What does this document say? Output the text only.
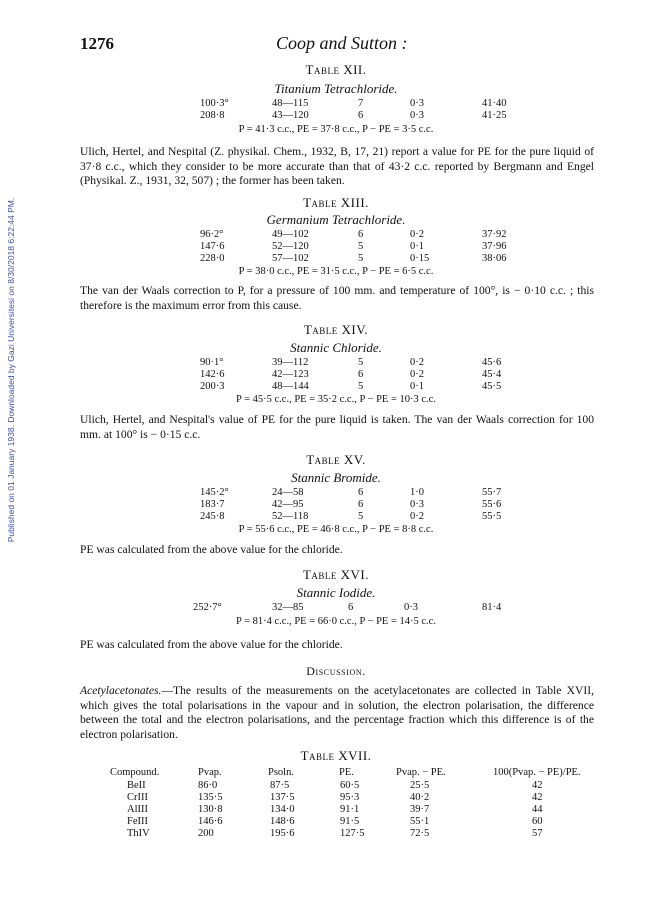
Published on 01 January 1938. Downloaded by Gazi Universitesi on 8/30/2018 6:22:44 PM.
1276	Coop and Sutton :
Table XII.
Titanium Tetrachloride.
100·3°	48—115	7	0·3	41·40
208·8	43—120	6	0·3	41·25
P = 41·3 c.c., PE = 37·8 c.c., P − PE = 3·5 c.c.
Ulich, Hertel, and Nespital (Z. physikal. Chem., 1932, B, 17, 21) report a value for PE for the pure liquid of 37·8 c.c., which they consider to be more accurate than that of 43·2 c.c. reported by Bergmann and Engel (Physikal. Z., 1931, 32, 507) ; the former has been taken.
Table XIII.
Germanium Tetrachloride.
96·2°	49—102	6	0·2	37·92
147·6	52—120	5	0·1	37·96
228·0	57—102	5	0·15	38·06
P = 38·0 c.c., PE = 31·5 c.c., P − PE = 6·5 c.c.
The van der Waals correction to P, for a pressure of 100 mm. and temperature of 100°, is − 0·10 c.c. ; this therefore is the maximum error from this cause.
Table XIV.
Stannic Chloride.
90·1°	39—112	5	0·2	45·6
142·6	42—123	6	0·2	45·4
200·3	48—144	5	0·1	45·5
P = 45·5 c.c., PE = 35·2 c.c., P − PE = 10·3 c.c.
Ulich, Hertel, and Nespital's value of PE for the pure liquid is taken. The van der Waals correction for 100 mm. at 100° is − 0·15 c.c.
Table XV.
Stannic Bromide.
145·2°	24—58	6	1·0	55·7
183·7	42—95	6	0·3	55·6
245·8	52—118	5	0·2	55·5
P = 55·6 c.c., PE = 46·8 c.c., P − PE = 8·8 c.c.
PE was calculated from the above value for the chloride.
Table XVI.
Stannic Iodide.
252·7°	32—85	6	0·3	81·4
P = 81·4 c.c., PE = 66·0 c.c., P − PE = 14·5 c.c.
PE was calculated from the above value for the chloride.
Discussion.
Acetylacetonates.—The results of the measurements on the acetylacetonates are collected in Table XVII, which gives the total polarisations in the vapour and in solution, the electron polarisation, the difference between the total and the electron polarisations, and the percentage fraction which this difference is of the electron polarisation.
Table XVII.
Compound.	Pvap.	Psoln.	PE.	Pvap. − PE.	100(Pvap. − PE)/PE.
BeII	86·0	87·5	60·5	25·5	42
CrIII	135·5	137·5	95·3	40·2	42
AlIII	130·8	134·0	91·1	39·7	44
FeIII	146·6	148·6	91·5	55·1	60
ThIV	200	195·6	127·5	72·5	57
